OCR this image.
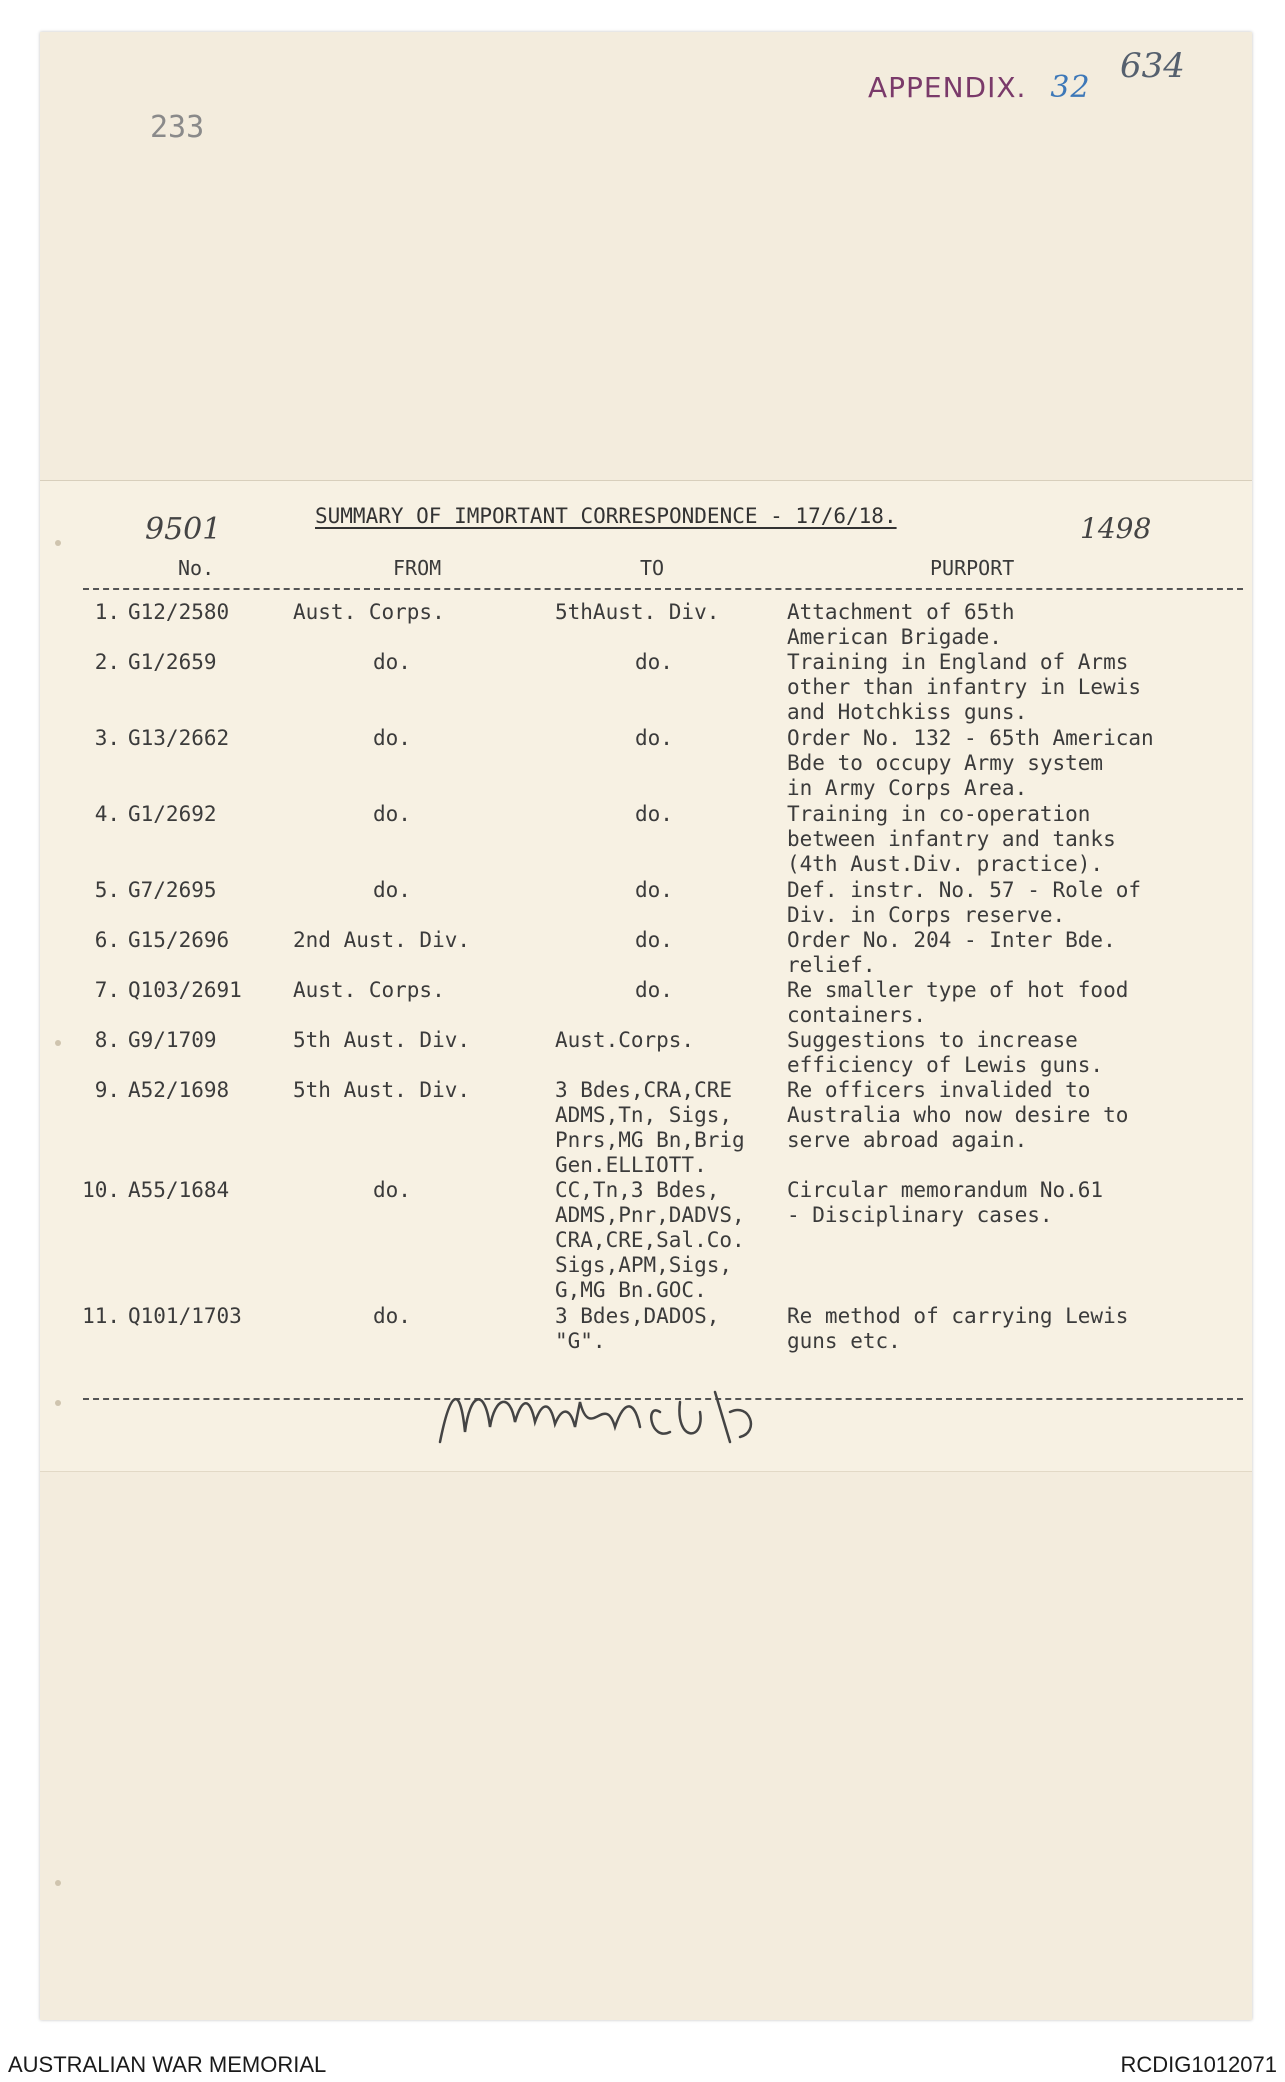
APPENDIX. 32
634
233
9501	1498
SUMMARY OF IMPORTANT CORRESPONDENCE - 17/6/18.
No.	FROM	TO	PURPORT
1.	G12/2580	Aust. Corps.	5thAust. Div.	Attachment of 65th
American Brigade.
2.	G1/2659	do.	do.	Training in England of Arms
other than infantry in Lewis
and Hotchkiss guns.
3.	G13/2662	do.	do.	Order No. 132 - 65th American
Bde to occupy Army system
in Army Corps Area.
4.	G1/2692	do.	do.	Training in co-operation
between infantry and tanks
(4th Aust.Div. practice).
5.	G7/2695	do.	do.	Def. instr. No. 57 - Role of
Div. in Corps reserve.
6.	G15/2696	2nd Aust. Div.	do.	Order No. 204 - Inter Bde.
relief.
7.	Q103/2691	Aust. Corps.	do.	Re smaller type of hot food
containers.
8.	G9/1709	5th Aust. Div.	Aust.Corps.	Suggestions to increase
efficiency of Lewis guns.
9.	A52/1698	5th Aust. Div.	3 Bdes,CRA,CRE
ADMS,Tn, Sigs,
Pnrs,MG Bn,Brig
Gen.ELLIOTT.	Re officers invalided to
Australia who now desire to
serve abroad again.
10.	A55/1684	do.	CC,Tn,3 Bdes,
ADMS,Pnr,DADVS,
CRA,CRE,Sal.Co.
Sigs,APM,Sigs,
G,MG Bn.GOC.	Circular memorandum No.61
- Disciplinary cases.
11.	Q101/1703	do.	3 Bdes,DADOS,
"G".	Re method of carrying Lewis
guns etc.
AUSTRALIAN WAR MEMORIAL	RCDIG1012071
